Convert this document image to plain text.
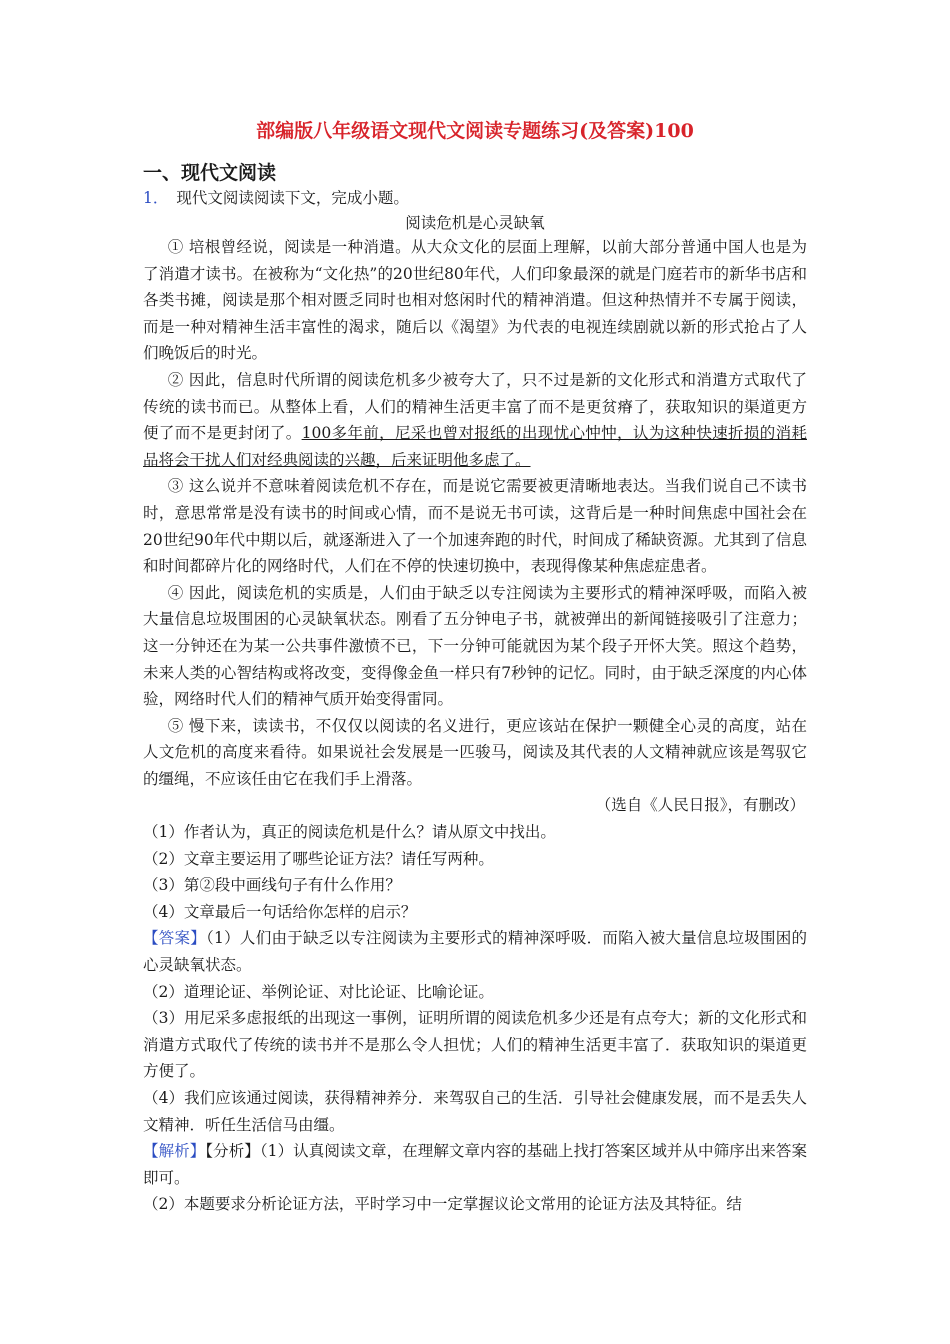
部编版八年级语文现代文阅读专题练习(及答案)100
一、现代文阅读
1． 现代文阅读阅读下文，完成小题。
阅读危机是心灵缺氧

① 培根曾经说，阅读是一种消遣。从大众文化的层面上理解，以前大部分普通中国人也是为了消遣才读书。在被称为“文化热”的20世纪80年代，人们印象最深的就是门庭若市的新华书店和各类书摊，阅读是那个相对匮乏同时也相对悠闲时代的精神消遣。但这种热情并不专属于阅读，而是一种对精神生活丰富性的渴求，随后以《渴望》为代表的电视连续剧就以新的形式抢占了人们晚饭后的时光。

② 因此，信息时代所谓的阅读危机多少被夸大了，只不过是新的文化形式和消遣方式取代了传统的读书而已。从整体上看，人们的精神生活更丰富了而不是更贫瘠了，获取知识的渠道更方便了而不是更封闭了。100多年前，尼采也曾对报纸的出现忧心忡忡，认为这种快速折损的消耗品将会干扰人们对经典阅读的兴趣，后来证明他多虑了。

③ 这么说并不意味着阅读危机不存在，而是说它需要被更清晰地表达。当我们说自己不读书时，意思常常是没有读书的时间或心情，而不是说无书可读，这背后是一种时间焦虑中国社会在20世纪90年代中期以后，就逐渐进入了一个加速奔跑的时代，时间成了稀缺资源。尤其到了信息和时间都碎片化的网络时代，人们在不停的快速切换中，表现得像某种焦虑症患者。

④ 因此，阅读危机的实质是，人们由于缺乏以专注阅读为主要形式的精神深呼吸，而陷入被大量信息垃圾围困的心灵缺氧状态。刚看了五分钟电子书，就被弹出的新闻链接吸引了注意力；这一分钟还在为某一公共事件激愤不已，下一分钟可能就因为某个段子开怀大笑。照这个趋势，未来人类的心智结构或将改变，变得像金鱼一样只有7秒钟的记忆。同时，由于缺乏深度的内心体验，网络时代人们的精神气质开始变得雷同。

⑤ 慢下来，读读书，不仅仅以阅读的名义进行，更应该站在保护一颗健全心灵的高度，站在人文危机的高度来看待。如果说社会发展是一匹骏马，阅读及其代表的人文精神就应该是驾驭它的缰绳，不应该任由它在我们手上滑落。

（选自《人民日报》，有删改）

（1）作者认为，真正的阅读危机是什么？请从原文中找出。

（2）文章主要运用了哪些论证方法？请任写两种。

（3）第②段中画线句子有什么作用？

（4）文章最后一句话给你怎样的启示？

【答案】（1）人们由于缺乏以专注阅读为主要形式的精神深呼吸．而陷入被大量信息垃圾围困的心灵缺氧状态。

（2）道理论证、举例论证、对比论证、比喻论证。

（3）用尼采多虑报纸的出现这一事例，证明所谓的阅读危机多少还是有点夸大；新的文化形式和消遣方式取代了传统的读书并不是那么令人担忧；人们的精神生活更丰富了．获取知识的渠道更方便了。

（4）我们应该通过阅读，获得精神养分．来驾驭自己的生活．引导社会健康发展，而不是丢失人文精神．听任生活信马由缰。

【解析】【分析】（1）认真阅读文章，在理解文章内容的基础上找打答案区域并从中筛序出来答案即可。

（2）本题要求分析论证方法，平时学习中一定掌握议论文常用的论证方法及其特征。结
